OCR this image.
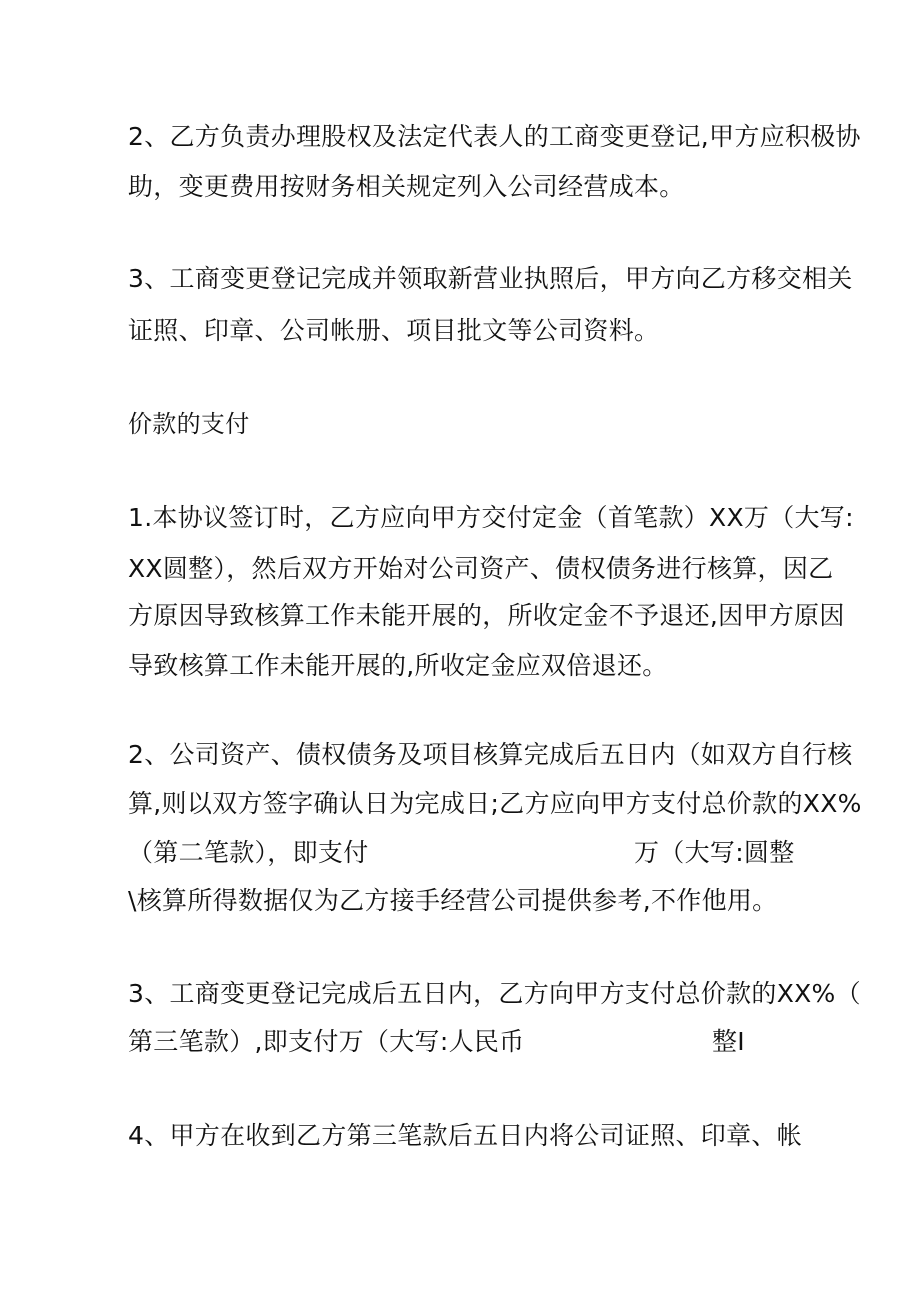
2、乙方负责办理股权及法定代表人的工商变更登记,甲方应积极协
助，变更费用按财务相关规定列入公司经营成本。
3、工商变更登记完成并领取新营业执照后，甲方向乙方移交相关
证照、印章、公司帐册、项目批文等公司资料。
价款的支付
1.本协议签订时，乙方应向甲方交付定金（首笔款）XX万（大写:
XX圆整），然后双方开始对公司资产、债权债务进行核算，因乙
方原因导致核算工作未能开展的，所收定金不予退还,因甲方原因
导致核算工作未能开展的,所收定金应双倍退还。
2、公司资产、债权债务及项目核算完成后五日内（如双方自行核
算,则以双方签字确认日为完成日;乙方应向甲方支付总价款的XX%
（第二笔款），即支付	万（大写:圆整
\核算所得数据仅为乙方接手经营公司提供参考,不作他用。
3、工商变更登记完成后五日内，乙方向甲方支付总价款的XX%（
第三笔款）,即支付万（大写:人民币	整I
4、甲方在收到乙方第三笔款后五日内将公司证照、印章、帐
